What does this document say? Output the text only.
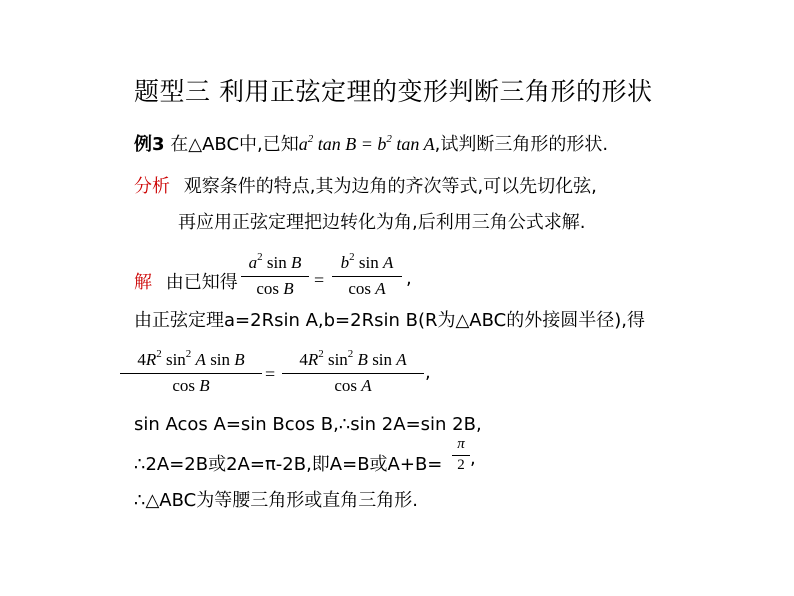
题型三 利用正弦定理的变形判断三角形的形状
例3 在△ABC中,已知$a^2$ $\tan B = b^2$ tan A,试判断三角形的形状.
分析 观察条件的特点,其为边角的齐次等式,可以先切化弦,
再应用正弦定理把边转化为角,后利用三角公式求解.
解 由已知得
$a^2$ sin B
cos B	=
$b^2$ sin A
cos A	,
由正弦定理a=2Rsin A,b=2Rsin B(R为△ABC的外接圆半径),得
$4R^2$ $\sin^2 A$ sin B
cos B
=
$4R^2$ $\sin^2 B$ sin A
cos A
,
sin Acos A=sin Bcos B,∴sin 2A=sin 2B,
∴2A=2B或2A=π-2B,即A=B或A+B=
π
2 ,
∴△ABC为等腰三角形或直角三角形.
